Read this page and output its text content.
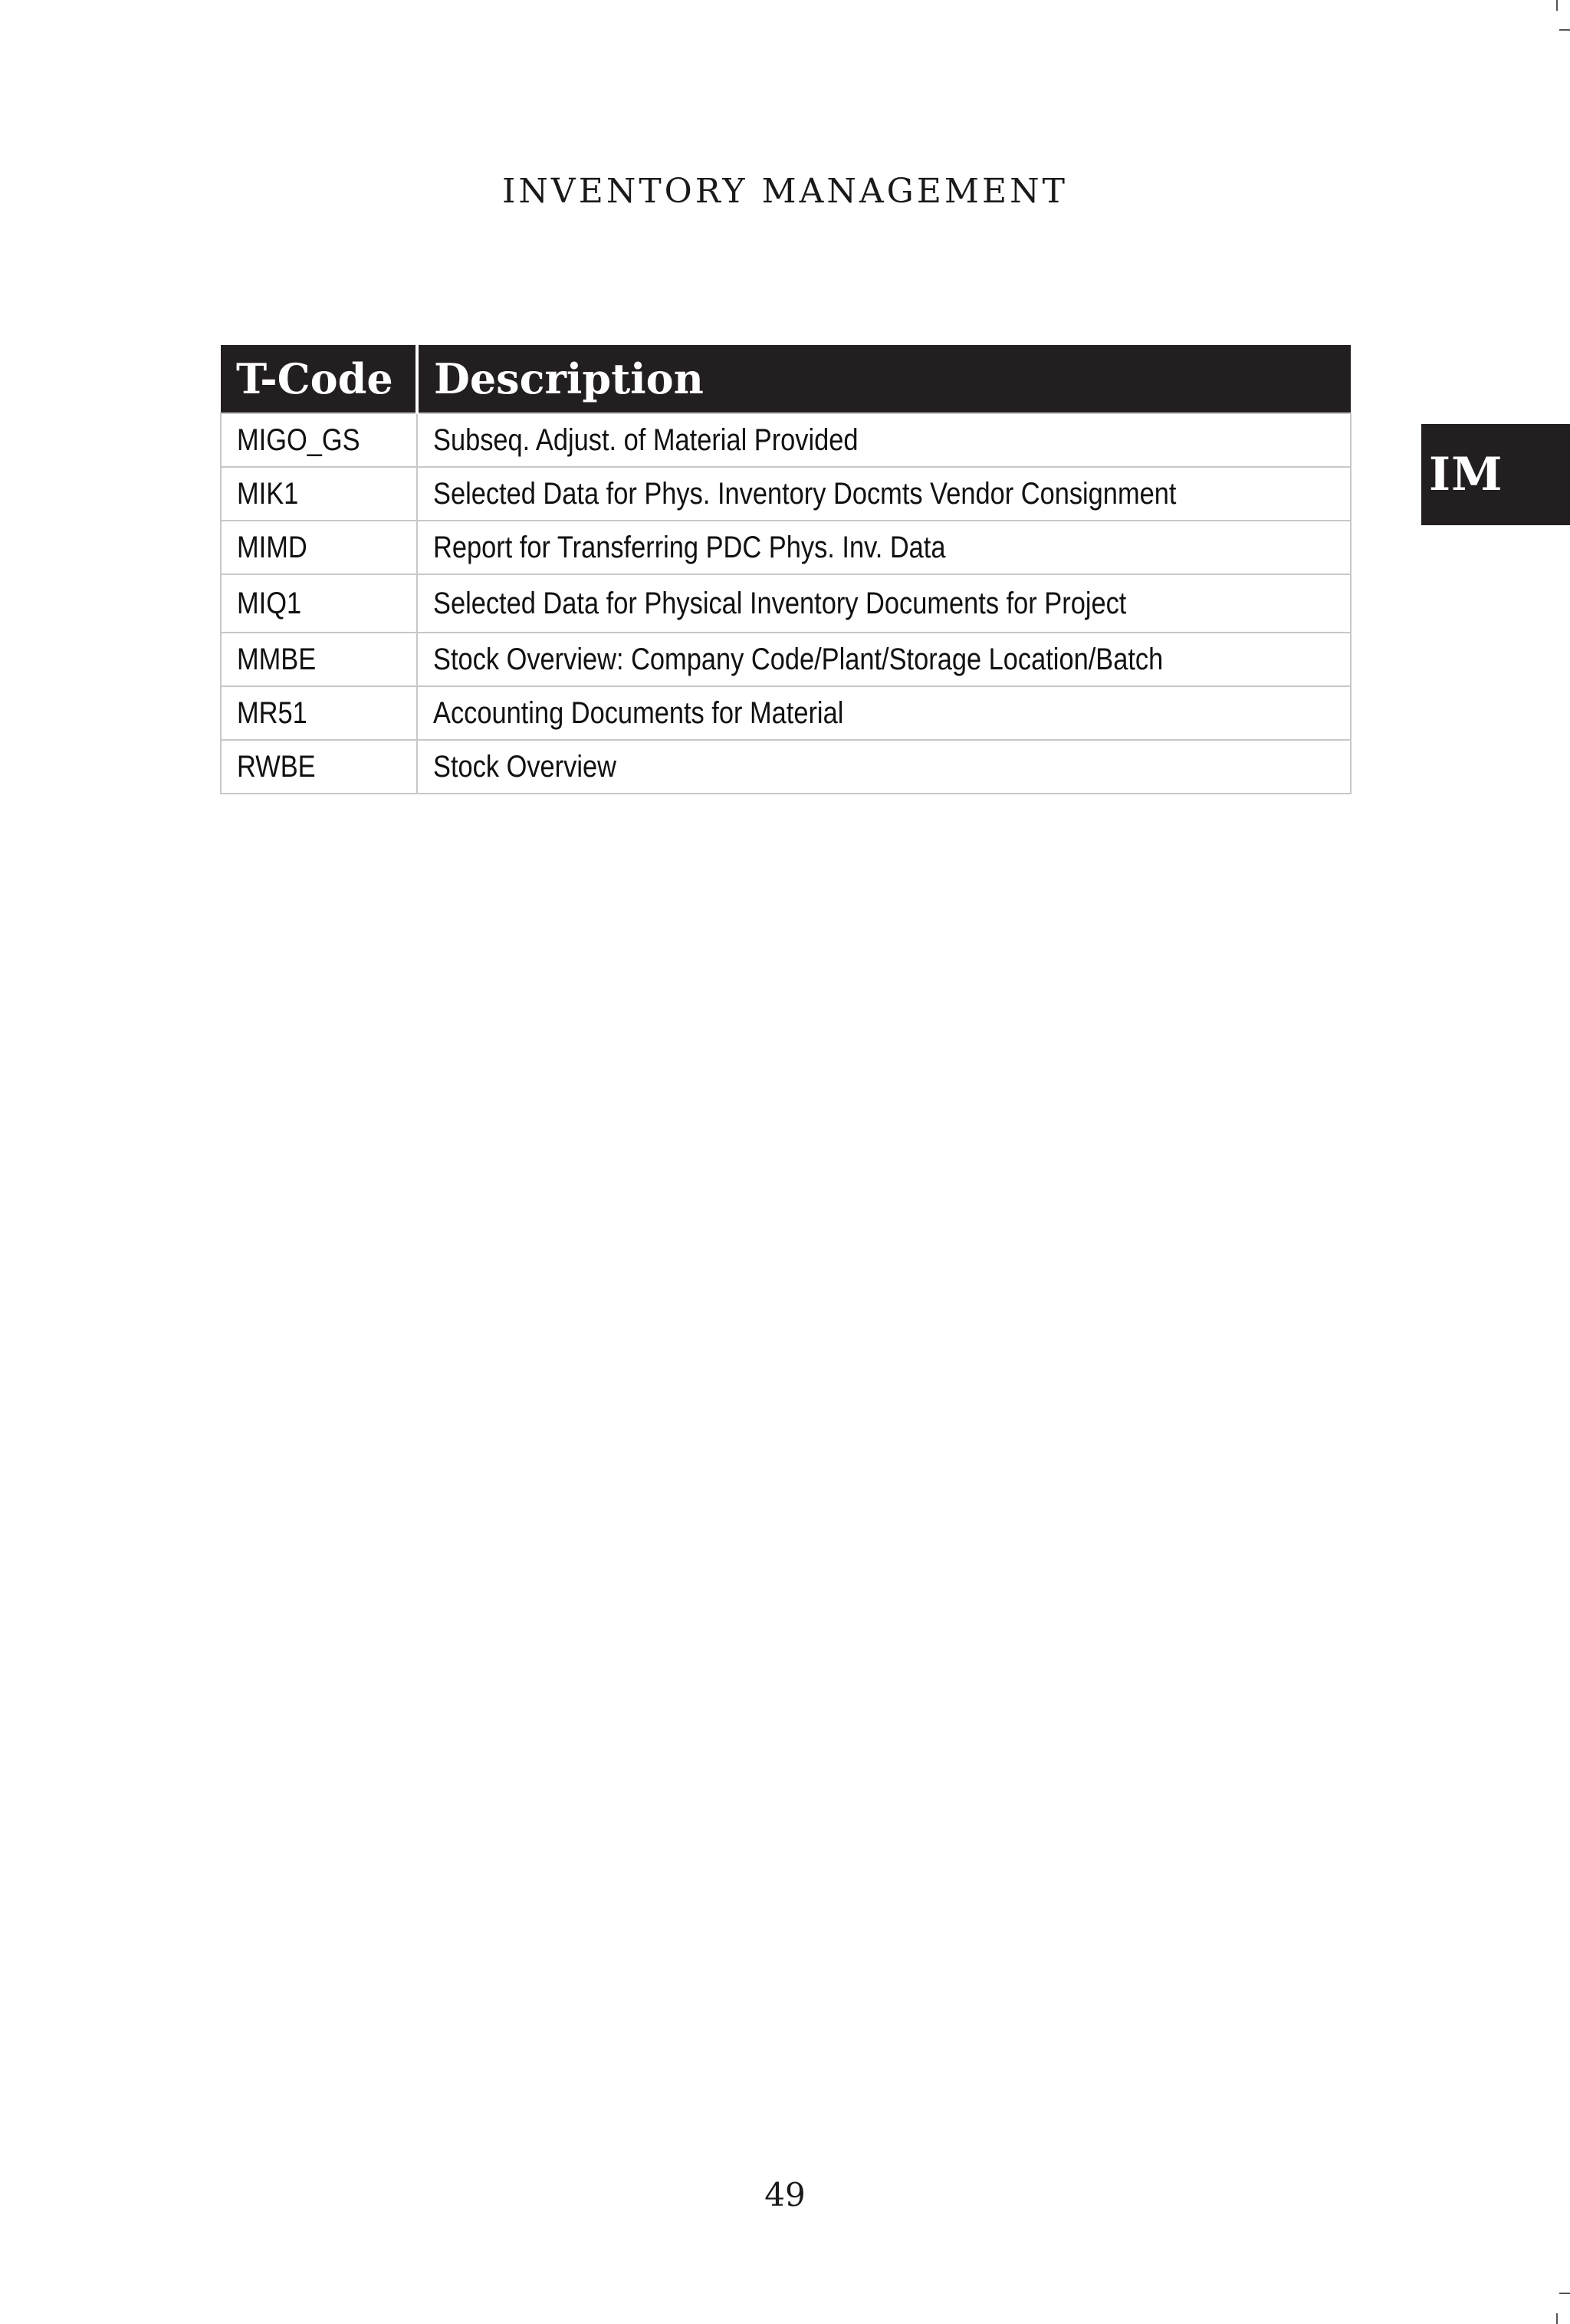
INVENTORY MANAGEMENT
IM
T-Code	Description
MIGO_GS	Subseq. Adjust. of Material Provided
MIK1	Selected Data for Phys. Inventory Docmts Vendor Consignment
MIMD	Report for Transferring PDC Phys. Inv. Data
MIQ1	Selected Data for Physical Inventory Documents for Project
MMBE	Stock Overview: Company Code/Plant/Storage Location/Batch
MR51	Accounting Documents for Material
RWBE	Stock Overview
49
